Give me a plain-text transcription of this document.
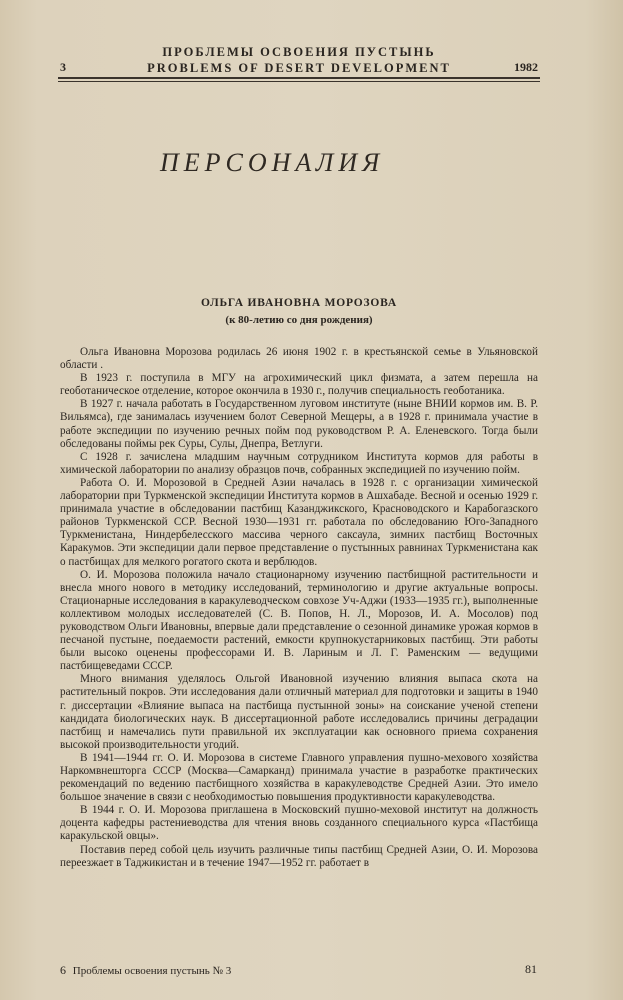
ПРОБЛЕМЫ ОСВОЕНИЯ ПУСТЫНЬ
PROBLEMS OF DESERT DEVELOPMENT
3	1982
ПЕРСОНАЛИЯ
ОЛЬГА ИВАНОВНА МОРОЗОВА
(к 80-летию со дня рождения)

Ольга Ивановна Морозова родилась 26 июня 1902 г. в крестьянской семье в Ульяновской области .

В 1923 г. поступила в МГУ на агрохимический цикл физмата, а затем перешла на геоботаническое отделение, которое окончила в 1930 г., получив специальность геоботаника.

В 1927 г. начала работать в Государственном луговом институте (ныне ВНИИ кормов им. В. Р. Вильямса), где занималась изучением болот Северной Мещеры, а в 1928 г. принимала участие в работе экспедиции по изучению речных пойм под руководством Р. А. Еленевского. Тогда были обследованы поймы рек Суры, Сулы, Днепра, Ветлуги.

С 1928 г. зачислена младшим научным сотрудником Института кормов для работы в химической лаборатории по анализу образцов почв, собранных экспедицией по изучению пойм.

Работа О. И. Морозовой в Средней Азии началась в 1928 г. с организации химической лаборатории при Туркменской экспедиции Института кормов в Ашхабаде. Весной и осенью 1929 г. принимала участие в обследовании пастбищ Казанджикского, Красноводского и Карабогазского районов Туркменской ССР. Весной 1930—1931 гг. работала по обследованию Юго-Западного Туркменистана, Ниндербелесского массива черного саксаула, зимних пастбищ Восточных Каракумов. Эти экспедиции дали первое представление о пустынных равнинах Туркменистана как о пастбищах для мелкого рогатого скота и верблюдов.

О. И. Морозова положила начало стационарному изучению пастбищной растительности и внесла много нового в методику исследований, терминологию и другие актуальные вопросы. Стационарные исследования в каракулеводческом совхозе Уч-Аджи (1933—1935 гг.), выполненные коллективом молодых исследователей (С. В. Попов, Н. Л., Морозов, И. А. Мосолов) под руководством Ольги Ивановны, впервые дали представление о сезонной динамике урожая кормов в песчаной пустыне, поедаемости растений, емкости крупнокустарниковых пастбищ. Эти работы были высоко оценены профессорами И. В. Лариным и Л. Г. Раменским — ведущими пастбищеведами СССР.

Много внимания уделялось Ольгой Ивановной изучению влияния выпаса скота на растительный покров. Эти исследования дали отличный материал для подготовки и защиты в 1940 г. диссертации «Влияние выпаса на пастбища пустынной зоны» на соискание ученой степени кандидата биологических наук. В диссертационной работе исследовались причины деградации пастбищ и намечались пути правильной их эксплуатации как основного приема сохранения высокой производительности угодий.

В 1941—1944 гг. О. И. Морозова в системе Главного управления пушно-мехового хозяйства Наркомвнешторга СССР (Москва—Самарканд) принимала участие в разработке практических рекомендаций по ведению пастбищного хозяйства в каракулеводстве Средней Азии. Это имело большое значение в связи с необходимостью повышения продуктивности каракулеводства.

В 1944 г. О. И. Морозова приглашена в Московский пушно-меховой институт на должность доцента кафедры растениеводства для чтения вновь созданного специального курса «Пастбища каракульской овцы».

Поставив перед собой цель изучить различные типы пастбищ Средней Азии, О. И. Морозова переезжает в Таджикистан и в течение 1947—1952 гг. работает в

6 Проблемы освоения пустынь № 3	81
